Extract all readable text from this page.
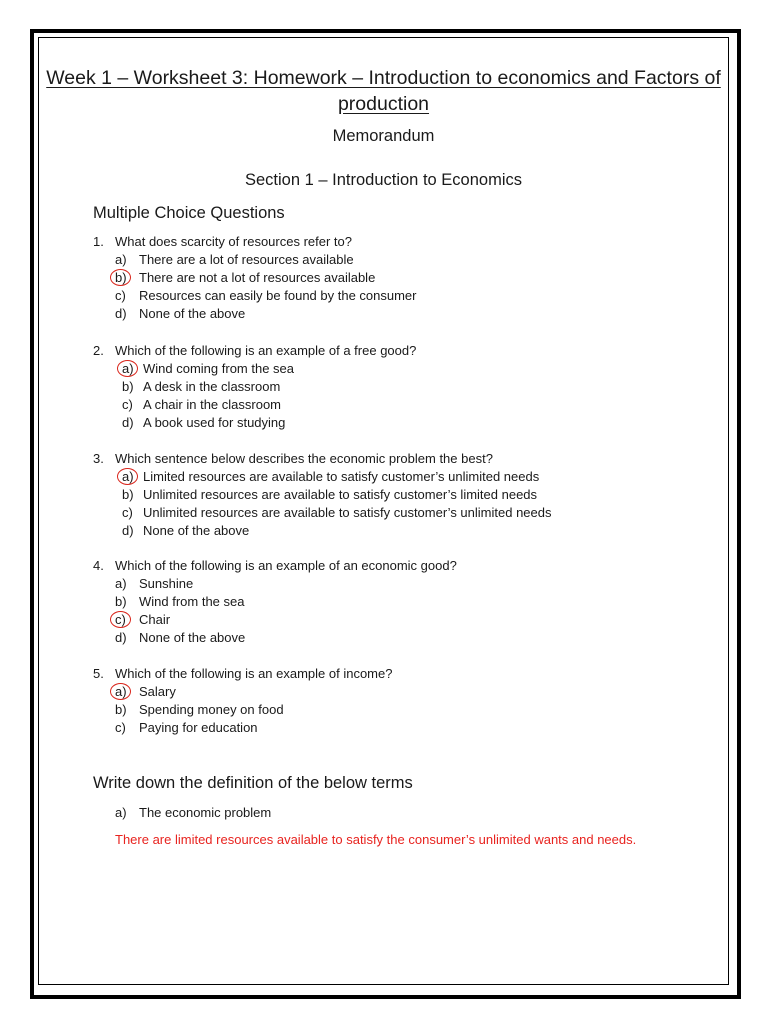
Week 1 – Worksheet 3: Homework – Introduction to economics and Factors of production
Memorandum
Section 1 – Introduction to Economics
Multiple Choice Questions
1. What does scarcity of resources refer to?
a) There are a lot of resources available
b) There are not a lot of resources available
c) Resources can easily be found by the consumer
d) None of the above
2. Which of the following is an example of a free good?
a) Wind coming from the sea
b) A desk in the classroom
c) A chair in the classroom
d) A book used for studying
3. Which sentence below describes the economic problem the best?
a) Limited resources are available to satisfy customer’s unlimited needs
b) Unlimited resources are available to satisfy customer’s limited needs
c) Unlimited resources are available to satisfy customer’s unlimited needs
d) None of the above
4. Which of the following is an example of an economic good?
a) Sunshine
b) Wind from the sea
c) Chair
d) None of the above
5. Which of the following is an example of income?
a) Salary
b) Spending money on food
c) Paying for education
Write down the definition of the below terms
a) The economic problem
There are limited resources available to satisfy the consumer’s unlimited wants and needs.
